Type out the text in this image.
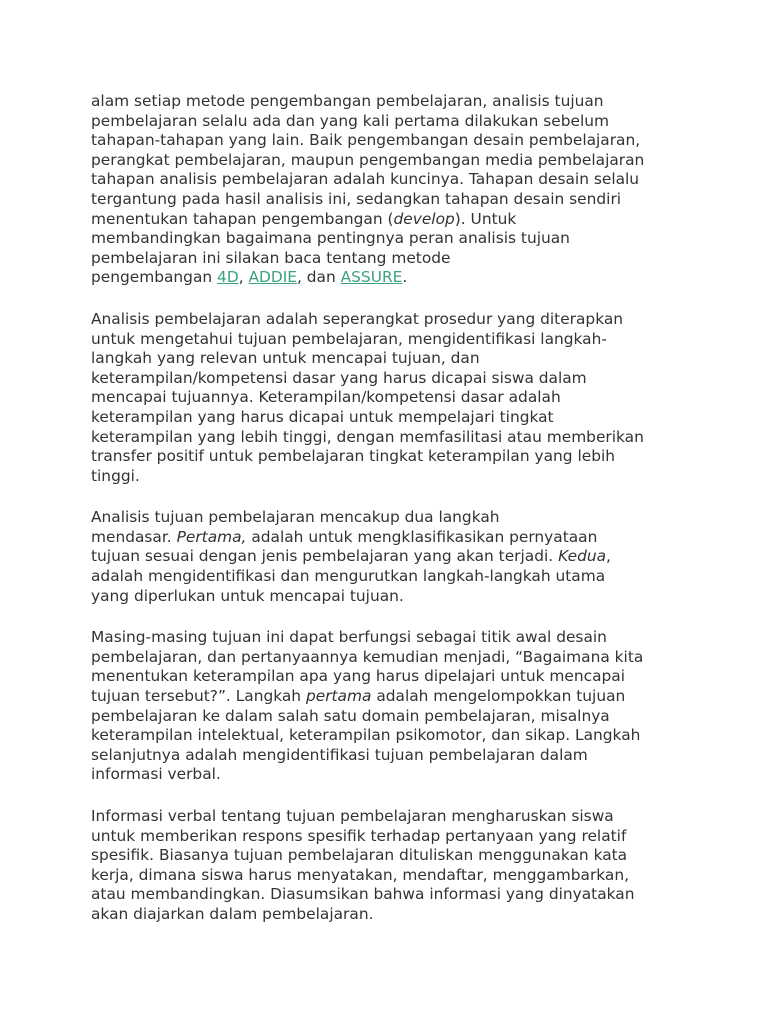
alam setiap metode pengembangan pembelajaran, analisis tujuan
pembelajaran selalu ada dan yang kali pertama dilakukan sebelum
tahapan-tahapan yang lain. Baik pengembangan desain pembelajaran,
perangkat pembelajaran, maupun pengembangan media pembelajaran
tahapan analisis pembelajaran adalah kuncinya. Tahapan desain selalu
tergantung pada hasil analisis ini, sedangkan tahapan desain sendiri
menentukan tahapan pengembangan (develop). Untuk
membandingkan bagaimana pentingnya peran analisis tujuan
pembelajaran ini silakan baca tentang metode
pengembangan 4D, ADDIE, dan ASSURE.
Analisis pembelajaran adalah seperangkat prosedur yang diterapkan
untuk mengetahui tujuan pembelajaran, mengidentifikasi langkah-
langkah yang relevan untuk mencapai tujuan, dan
keterampilan/kompetensi dasar yang harus dicapai siswa dalam
mencapai tujuannya. Keterampilan/kompetensi dasar adalah
keterampilan yang harus dicapai untuk mempelajari tingkat
keterampilan yang lebih tinggi, dengan memfasilitasi atau memberikan
transfer positif untuk pembelajaran tingkat keterampilan yang lebih
tinggi.
Analisis tujuan pembelajaran mencakup dua langkah
mendasar. Pertama, adalah untuk mengklasifikasikan pernyataan
tujuan sesuai dengan jenis pembelajaran yang akan terjadi. Kedua,
adalah mengidentifikasi dan mengurutkan langkah-langkah utama
yang diperlukan untuk mencapai tujuan.
Masing-masing tujuan ini dapat berfungsi sebagai titik awal desain
pembelajaran, dan pertanyaannya kemudian menjadi, “Bagaimana kita
menentukan keterampilan apa yang harus dipelajari untuk mencapai
tujuan tersebut?”. Langkah pertama adalah mengelompokkan tujuan
pembelajaran ke dalam salah satu domain pembelajaran, misalnya
keterampilan intelektual, keterampilan psikomotor, dan sikap. Langkah
selanjutnya adalah mengidentifikasi tujuan pembelajaran dalam
informasi verbal.
Informasi verbal tentang tujuan pembelajaran mengharuskan siswa
untuk memberikan respons spesifik terhadap pertanyaan yang relatif
spesifik. Biasanya tujuan pembelajaran dituliskan menggunakan kata
kerja, dimana siswa harus menyatakan, mendaftar, menggambarkan,
atau membandingkan. Diasumsikan bahwa informasi yang dinyatakan
akan diajarkan dalam pembelajaran.
